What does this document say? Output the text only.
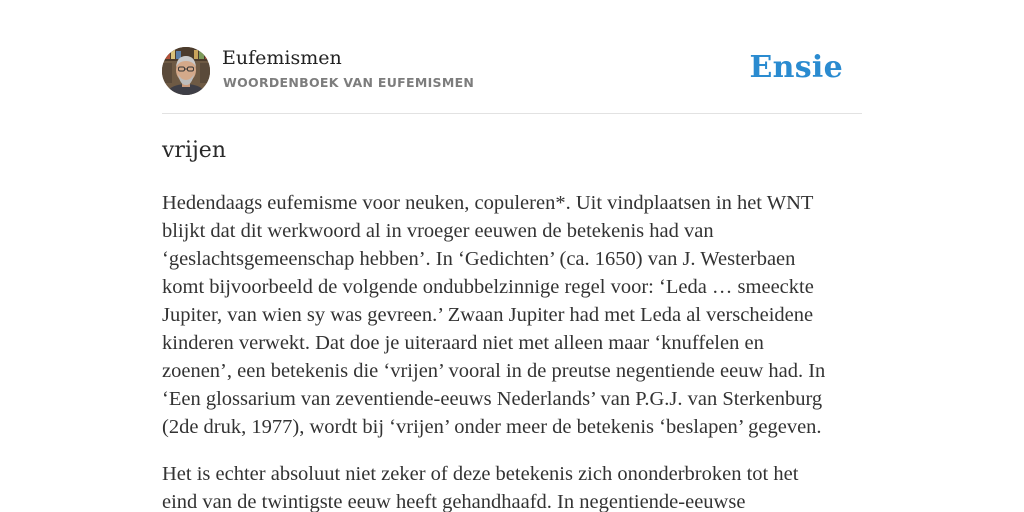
Eufemismen
WOORDENBOEK VAN EUFEMISMEN	Ensie
vrijen

Hedendaags eufemisme voor neuken, copuleren*. Uit vindplaatsen in het WNT
blijkt dat dit werkwoord al in vroeger eeuwen de betekenis had van
‘geslachtsgemeenschap hebben’. In ‘Gedichten’ (ca. 1650) van J. Westerbaen
komt bijvoorbeeld de volgende ondubbelzinnige regel voor: ‘Leda … smeeckte
Jupiter, van wien sy was gevreen.’ Zwaan Jupiter had met Leda al verscheidene
kinderen verwekt. Dat doe je uiteraard niet met alleen maar ‘knuffelen en
zoenen’, een betekenis die ‘vrijen’ vooral in de preutse negentiende eeuw had. In
‘Een glossarium van zeventiende-eeuws Nederlands’ van P.G.J. van Sterkenburg
(2de druk, 1977), wordt bij ‘vrijen’ onder meer de betekenis ‘beslapen’ gegeven.

Het is echter absoluut niet zeker of deze betekenis zich ononderbroken tot het
eind van de twintigste eeuw heeft gehandhaafd. In negentiende-eeuwse
